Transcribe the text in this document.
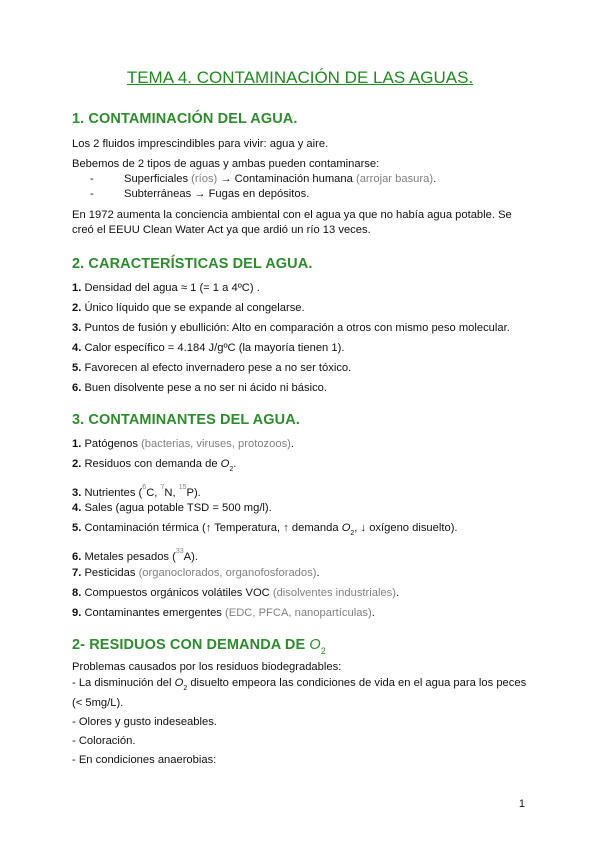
TEMA 4. CONTAMINACIÓN DE LAS AGUAS.
1. CONTAMINACIÓN DEL AGUA.
Los 2 fluidos imprescindibles para vivir: agua y aire.
Bebemos de 2 tipos de aguas y ambas pueden contaminarse:
-	Superficiales (ríos) → Contaminación humana (arrojar basura).
-	Subterráneas → Fugas en depósitos.
En 1972 aumenta la conciencia ambiental con el agua ya que no había agua potable. Se
creó el EEUU Clean Water Act ya que ardió un río 13 veces.
2. CARACTERÍSTICAS DEL AGUA.
1. Densidad del agua ≈ 1 (= 1 a 4ºC) .
2. Único líquido que se expande al congelarse.
3. Puntos de fusión y ebullición: Alto en comparación a otros con mismo peso molecular.
4. Calor específico = 4.184 J/gºC (la mayoría tienen 1).
5. Favorecen al efecto invernadero pese a no ser tóxico.
6. Buen disolvente pese a no ser ni ácido ni básico.
3. CONTAMINANTES DEL AGUA.
1. Patógenos (bacterias, viruses, protozoos).
2. Residuos con demanda de $O_2$.
3. Nutrientes ($^6$C, $^7$N, $^{15}$P).
4. Sales (agua potable TSD = 500 mg/l).
5. Contaminación térmica (↑ Temperatura, ↑ demanda $O_2$, ↓ oxígeno disuelto).
6. Metales pesados ($^{33}$A).
7. Pesticidas (organoclorados, organofosforados).
8. Compuestos orgánicos volátiles VOC (disolventes industriales).
9. Contaminantes emergentes (EDC, PFCA, nanopartículas).
2- RESIDUOS CON DEMANDA DE $O_2$
Problemas causados por los residuos biodegradables:
- La disminución del $O_2$ disuelto empeora las condiciones de vida en el agua para los peces
(< 5mg/L).
- Olores y gusto indeseables.
- Coloración.
- En condiciones anaerobias:
1
